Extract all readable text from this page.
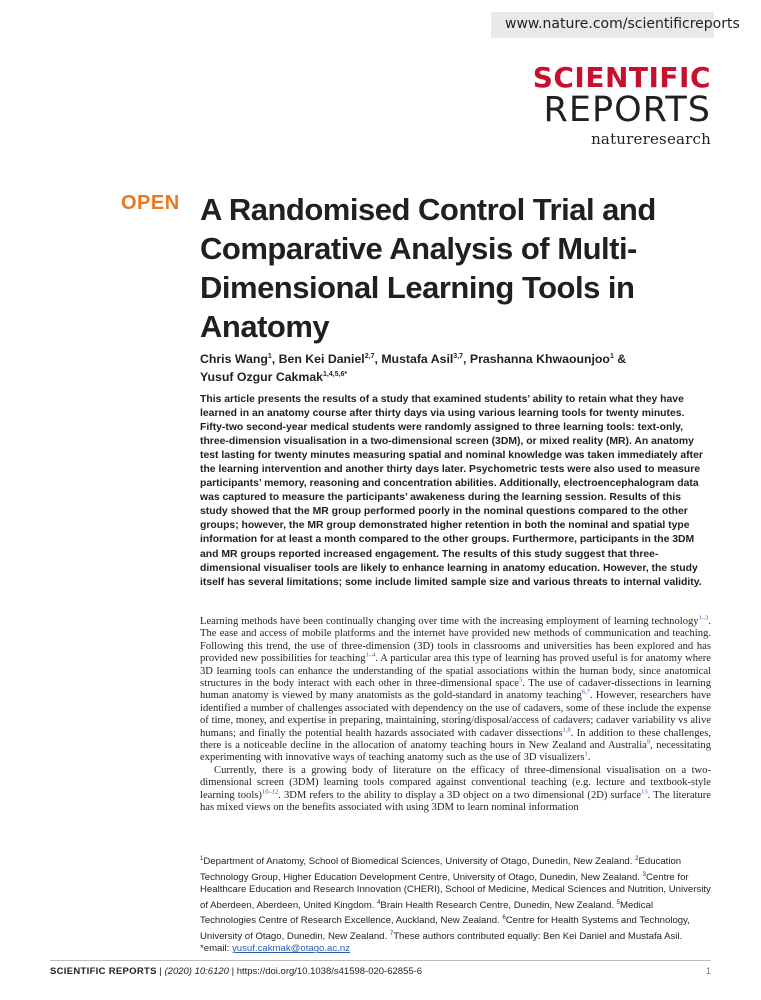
www.nature.com/scientificreports
SCIENTIFIC
REPORTS
natureresearch
OPEN A Randomised Control Trial and Comparative Analysis of Multi-Dimensional Learning Tools in Anatomy

Chris Wang$^1$, Ben Kei Daniel$^{2,7}$, Mustafa Asil$^{3,7}$, Prashanna Khwaounjoo$^1$ &
Yusuf Ozgur Cakmak$^{1,4,5,6*}$

This article presents the results of a study that examined students’ ability to retain what they have learned in an anatomy course after thirty days via using various learning tools for twenty minutes. Fifty-two second-year medical students were randomly assigned to three learning tools: text-only, three-dimension visualisation in a two-dimensional screen (3DM), or mixed reality (MR). An anatomy test lasting for twenty minutes measuring spatial and nominal knowledge was taken immediately after the learning intervention and another thirty days later. Psychometric tests were also used to measure participants’ memory, reasoning and concentration abilities. Additionally, electroencephalogram data was captured to measure the participants’ awakeness during the learning session. Results of this study showed that the MR group performed poorly in the nominal questions compared to the other groups; however, the MR group demonstrated higher retention in both the nominal and spatial type information for at least a month compared to the other groups. Furthermore, participants in the 3DM and MR groups reported increased engagement. The results of this study suggest that three-dimensional visualiser tools are likely to enhance learning in anatomy education. However, the study itself has several limitations; some include limited sample size and various threats to internal validity.

Learning methods have been continually changing over time with the increasing employment of learning technology$^{1-3}$. The ease and access of mobile platforms and the internet have provided new methods of communication and teaching. Following this trend, the use of three-dimension (3D) tools in classrooms and universities has been explored and has provided new possibilities for teaching$^{1-4}$. A particular area this type of learning has proved useful is for anatomy where 3D learning tools can enhance the understanding of the spatial associations within the human body, since anatomical structures in the body interact with each other in three-dimensional space$^5$. The use of cadaver-dissections in learning human anatomy is viewed by many anatomists as the gold-standard in anatomy teaching$^{6,7}$. However, researchers have identified a number of challenges associated with dependency on the use of cadavers, some of these include the expense of time, money, and expertise in preparing, maintaining, storing/disposal/access of cadavers; cadaver variability vs alive humans; and finally the potential health hazards associated with cadaver dissections$^{1,8}$. In addition to these challenges, there is a noticeable decline in the allocation of anatomy teaching hours in New Zealand and Australia$^9$, necessitating experimenting with innovative ways of teaching anatomy such as the use of 3D visualizers$^1$.

Currently, there is a growing body of literature on the efficacy of three-dimensional visualisation on a two-dimensional screen (3DM) learning tools compared against conventional teaching (e.g. lecture and textbook-style learning tools)$^{10-12}$. 3DM refers to the ability to display a 3D object on a two dimensional (2D) surface$^{13}$. The literature has mixed views on the benefits associated with using 3DM to learn nominal information

$^1$Department of Anatomy, School of Biomedical Sciences, University of Otago, Dunedin, New Zealand. $^2$Education Technology Group, Higher Education Development Centre, University of Otago, Dunedin, New Zealand. $^3$Centre for Healthcare Education and Research Innovation (CHERI), School of Medicine, Medical Sciences and Nutrition, University of Aberdeen, Aberdeen, United Kingdom. $^4$Brain Health Research Centre, Dunedin, New Zealand. $^5$Medical Technologies Centre of Research Excellence, Auckland, New Zealand. $^6$Centre for Health Systems and Technology, University of Otago, Dunedin, New Zealand. $^7$These authors contributed equally: Ben Kei Daniel and Mustafa Asil.
*email: yusuf.cakmak@otago.ac.nz

SCIENTIFIC REPORTS | (2020) 10:6120 | https://doi.org/10.1038/s41598-020-62855-6	1
